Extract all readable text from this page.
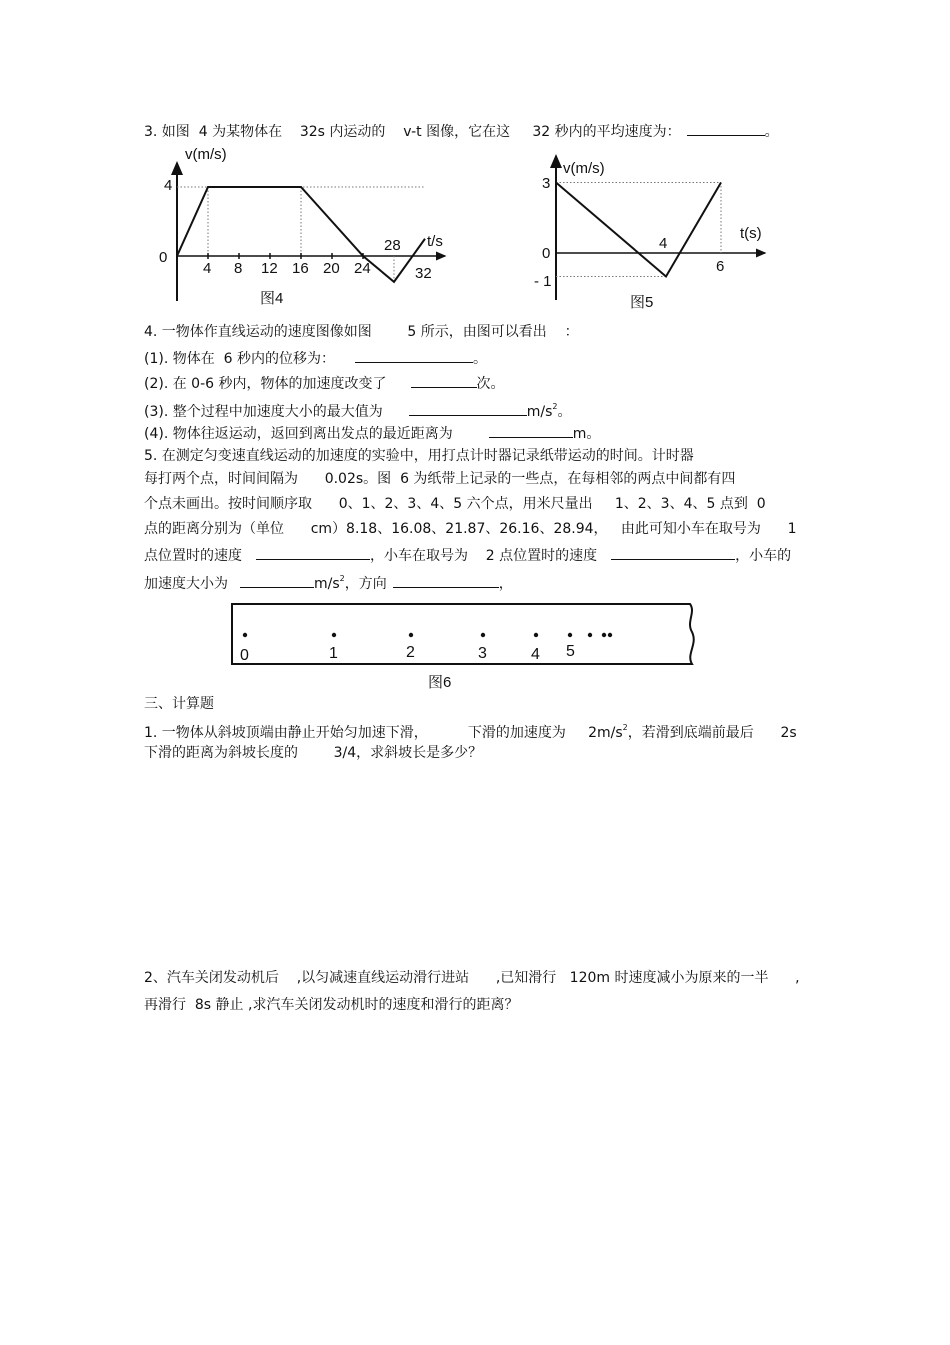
3. 如图  4 为某物体在    32s 内运动的    v-t 图像，它在这     32 秒内的平均速度为：	。
v(m/s)
t/s
4
0
4 8 12 16 20 24
28
32
图4
v(m/s)
t(s)
3
0
- 1
4
6
图5
4. 一物体作直线运动的速度图像如图        5 所示，由图可以看出    ：
(1). 物体在  6 秒内的位移为：	。
(2). 在 0-6 秒内，物体的加速度改变了	次。
(3). 整个过程中加速度大小的最大值为	$m/s^2$。
(4). 物体往返运动，返回到离出发点的最近距离为	m。
5. 在测定匀变速直线运动的加速度的实验中，用打点计时器记录纸带运动的时间。计时器
每打两个点，时间间隔为      0.02s。图  6 为纸带上记录的一些点，在每相邻的两点中间都有四
个点未画出。按时间顺序取      0、1、2、3、4、5 六个点，用米尺量出     1、2、3、4、5 点到  0
点的距离分别为（单位      cm）8.18、16.08、21.87、26.16、28.94，   由此可知小车在取号为      1
点位置时的速度	，小车在取号为    2 点位置时的速度	，小车的
加速度大小为	$m/s^2$，方向	，
0	1	2	3	4 5
图6
三、计算题
1. 一物体从斜坡顶端由静止开始匀加速下滑，         下滑的加速度为     $2m/s^2$，若滑到底端前最后      2s
下滑的距离为斜坡长度的        3/4，求斜坡长是多少？
2、汽车关闭发动机后    ,以匀减速直线运动滑行进站      ,已知滑行   120m 时速度减小为原来的一半      ,
再滑行  8s 静止 ,求汽车关闭发动机时的速度和滑行的距离？
